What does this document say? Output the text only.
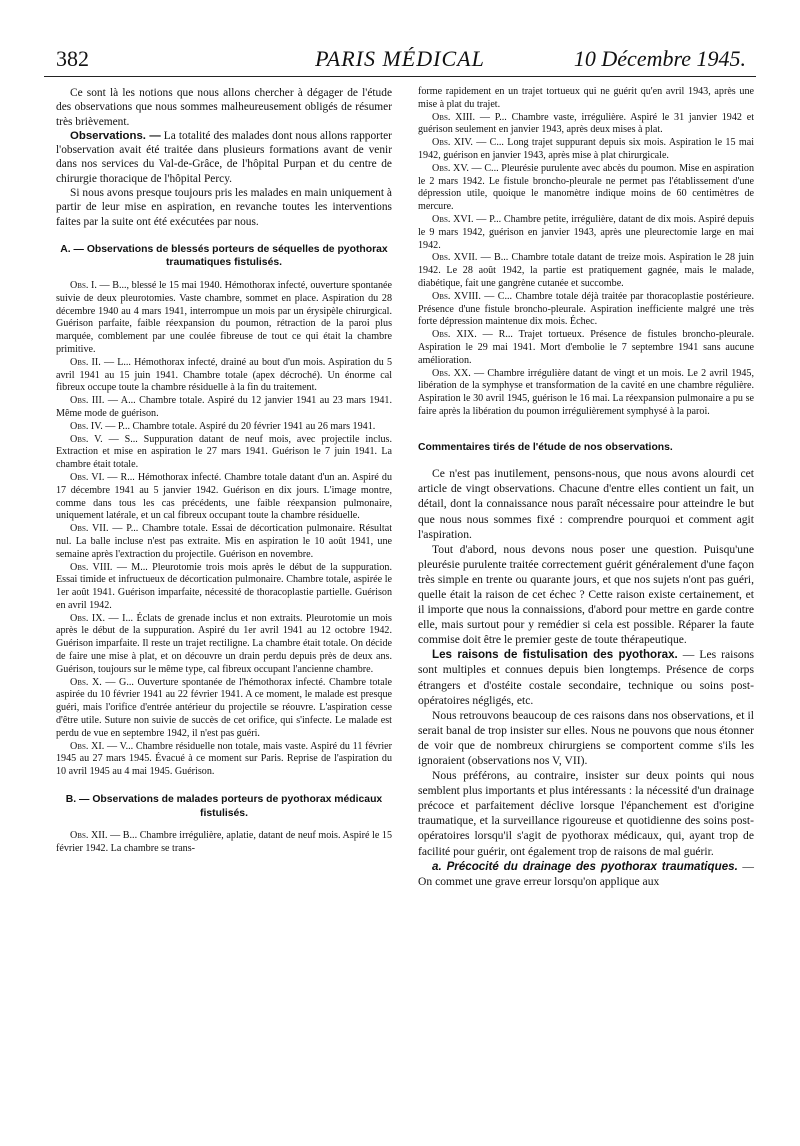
382	PARIS MÉDICAL	10 Décembre 1945.

Ce sont là les notions que nous allons chercher à dégager de l'étude des observations que nous sommes malheureusement obligés de résumer très brièvement.

Observations. — La totalité des malades dont nous allons rapporter l'observation avait été traitée dans plusieurs formations avant de venir dans nos services du Val-de-Grâce, de l'hôpital Purpan et du centre de chirurgie thoracique de l'hôpital Percy.

Si nous avons presque toujours pris les malades en main uniquement à partir de leur mise en aspiration, en revanche toutes les interventions faites par la suite ont été exécutées par nous.

A. — Observations de blessés porteurs de séquelles de pyothorax traumatiques fistulisés.

Obs. I. — B..., blessé le 15 mai 1940. Hémothorax infecté, ouverture spontanée suivie de deux pleurotomies. Vaste chambre, sommet en place. Aspiration du 28 décembre 1940 au 4 mars 1941, interrompue un mois par un érysipèle chirurgical. Guérison parfaite, faible réexpansion du poumon, rétraction de la paroi plus marquée, comblement par une coulée fibreuse de tout ce qui était la chambre primitive.

Obs. II. — L... Hémothorax infecté, drainé au bout d'un mois. Aspiration du 5 avril 1941 au 15 juin 1941. Chambre totale (apex décroché). Un énorme cal fibreux occupe toute la chambre résiduelle à la fin du traitement.

Obs. III. — A... Chambre totale. Aspiré du 12 janvier 1941 au 23 mars 1941. Même mode de guérison.

Obs. IV. — P... Chambre totale. Aspiré du 20 février 1941 au 26 mars 1941.

Obs. V. — S... Suppuration datant de neuf mois, avec projectile inclus. Extraction et mise en aspiration le 27 mars 1941. Guérison le 7 juin 1941. La chambre était totale.

Obs. VI. — R... Hémothorax infecté. Chambre totale datant d'un an. Aspiré du 17 décembre 1941 au 5 janvier 1942. Guérison en dix jours. L'image montre, comme dans tous les cas précédents, une faible réexpansion pulmonaire, uniquement latérale, et un cal fibreux occupant toute la chambre résiduelle.

Obs. VII. — P... Chambre totale. Essai de décortication pulmonaire. Résultat nul. La balle incluse n'est pas extraite. Mis en aspiration le 10 août 1941, une semaine après l'extraction du projectile. Guérison en novembre.

Obs. VIII. — M... Pleurotomie trois mois après le début de la suppuration. Essai timide et infructueux de décortication pulmonaire. Chambre totale, aspirée le 1er août 1941. Guérison imparfaite, nécessité de thoracoplastie partielle. Guérison en avril 1942.

Obs. IX. — I... Éclats de grenade inclus et non extraits. Pleurotomie un mois après le début de la suppuration. Aspiré du 1er avril 1941 au 12 octobre 1942. Guérison imparfaite. Il reste un trajet rectiligne. La chambre était totale. On décide de faire une mise à plat, et on découvre un drain perdu depuis près de deux ans. Guérison, toujours sur le même type, cal fibreux occupant l'ancienne chambre.

Obs. X. — G... Ouverture spontanée de l'hémothorax infecté. Chambre totale aspirée du 10 février 1941 au 22 février 1941. A ce moment, le malade est presque guéri, mais l'orifice d'entrée antérieur du projectile se réouvre. L'aspiration cesse d'être utile. Suture non suivie de succès de cet orifice, qui s'infecte. Le malade est perdu de vue en septembre 1942, il n'est pas guéri.

Obs. XI. — V... Chambre résiduelle non totale, mais vaste. Aspiré du 11 février 1945 au 27 mars 1945. Évacué à ce moment sur Paris. Reprise de l'aspiration du 10 avril 1945 au 4 mai 1945. Guérison.

B. — Observations de malades porteurs de pyothorax médicaux fistulisés.

Obs. XII. — B... Chambre irrégulière, aplatie, datant de neuf mois. Aspiré le 15 février 1942. La chambre se trans-

forme rapidement en un trajet tortueux qui ne guérit qu'en avril 1943, après une mise à plat du trajet.

Obs. XIII. — P... Chambre vaste, irrégulière. Aspiré le 31 janvier 1942 et guérison seulement en janvier 1943, après deux mises à plat.

Obs. XIV. — C... Long trajet suppurant depuis six mois. Aspiration le 15 mai 1942, guérison en janvier 1943, après mise à plat chirurgicale.

Obs. XV. — C... Pleurésie purulente avec abcès du poumon. Mise en aspiration le 2 mars 1942. Le fistule broncho-pleurale ne permet pas l'établissement d'une dépression utile, quoique le manomètre indique moins de 60 centimètres de mercure.

Obs. XVI. — P... Chambre petite, irrégulière, datant de dix mois. Aspiré depuis le 9 mars 1942, guérison en janvier 1943, après une pleurectomie large en mai 1942.

Obs. XVII. — B... Chambre totale datant de treize mois. Aspiration le 28 juin 1942. Le 28 août 1942, la partie est pratiquement gagnée, mais le malade, diabétique, fait une gangrène cutanée et succombe.

Obs. XVIII. — C... Chambre totale déjà traitée par thoracoplastie postérieure. Présence d'une fistule broncho-pleurale. Aspiration inefficiente malgré une très forte dépression maintenue dix mois. Échec.

Obs. XIX. — R... Trajet tortueux. Présence de fistules broncho-pleurale. Aspiration le 29 mai 1941. Mort d'embolie le 7 septembre 1941 sans aucune amélioration.

Obs. XX. — Chambre irrégulière datant de vingt et un mois. Le 2 avril 1945, libération de la symphyse et transformation de la cavité en une chambre régulière. Aspiration le 30 avril 1945, guérison le 16 mai. La réexpansion pulmonaire a pu se faire après la libération du poumon irrégulièrement symphysé à la paroi.

Commentaires tirés de l'étude de nos observations.

Ce n'est pas inutilement, pensons-nous, que nous avons alourdi cet article de vingt observations. Chacune d'entre elles contient un fait, un détail, dont la connaissance nous paraît nécessaire pour atteindre le but que nous nous sommes fixé : comprendre pourquoi et comment agit l'aspiration.

Tout d'abord, nous devons nous poser une question. Puisqu'une pleurésie purulente traitée correctement guérit généralement d'une façon très simple en trente ou quarante jours, et que nos sujets n'ont pas guéri, quelle était la raison de cet échec ? Cette raison existe certainement, et il importe que nous la connaissions, d'abord pour mettre en garde contre elle, mais surtout pour y remédier si cela est possible. Réparer la faute commise doit être le premier geste de toute thérapeutique.

Les raisons de fistulisation des pyothorax. — Les raisons sont multiples et connues depuis bien longtemps. Présence de corps étrangers et d'ostéite costale secondaire, technique ou soins post-opératoires négligés, etc.

Nous retrouvons beaucoup de ces raisons dans nos observations, et il serait banal de trop insister sur elles. Nous ne pouvons que nous étonner de voir que de nombreux chirurgiens se comportent comme s'ils les ignoraient (observations nos V, VII).

Nous préférons, au contraire, insister sur deux points qui nous semblent plus importants et plus intéressants : la nécessité d'un drainage précoce et parfaitement déclive lorsque l'épanchement est d'origine traumatique, et la surveillance rigoureuse et quotidienne des soins post-opératoires lorsqu'il s'agit de pyothorax médicaux, qui, ayant trop de facilité pour guérir, ont également trop de raisons de mal guérir.

a. Précocité du drainage des pyothorax traumatiques. — On commet une grave erreur lorsqu'on applique aux
